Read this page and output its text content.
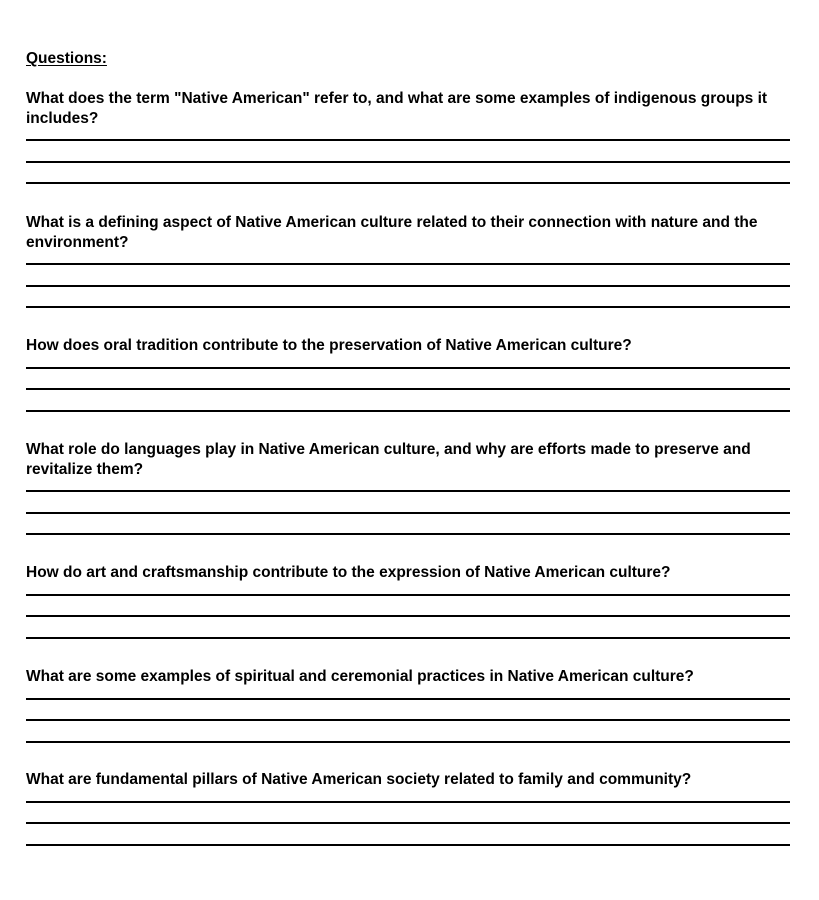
Questions:

What does the term "Native American" refer to, and what are some examples of indigenous groups it includes?

What is a defining aspect of Native American culture related to their connection with nature and the environment?

How does oral tradition contribute to the preservation of Native American culture?

What role do languages play in Native American culture, and why are efforts made to preserve and revitalize them?

How do art and craftsmanship contribute to the expression of Native American culture?

What are some examples of spiritual and ceremonial practices in Native American culture?

What are fundamental pillars of Native American society related to family and community?
